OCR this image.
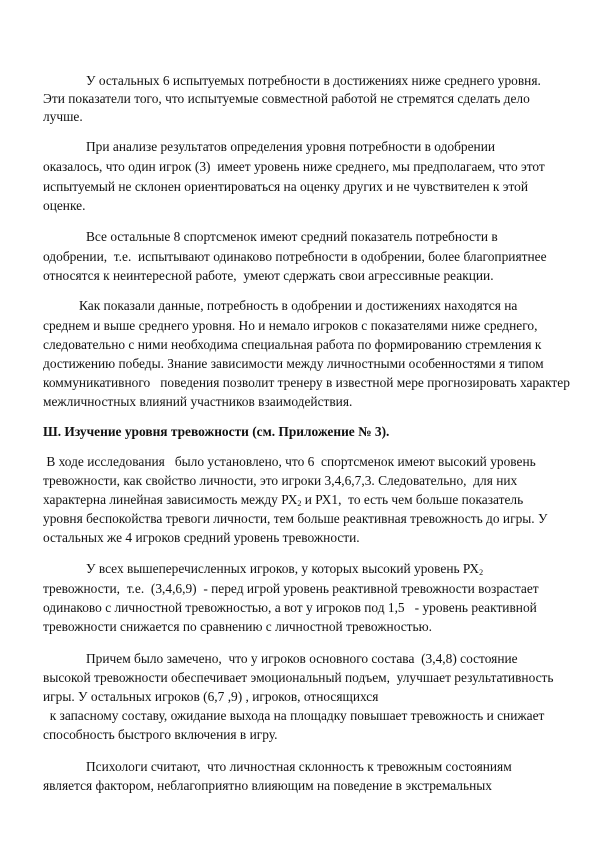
У остальных 6 испытуемых потребности в достижениях ниже среднего уровня.
Эти показатели того, что испытуемые совместной работой не стремятся сделать дело
лучше.
При анализе результатов определения уровня потребности в одобрении
оказалось, что один игрок (3)  имеет уровень ниже среднего, мы предполагаем, что этот
испытуемый не склонен ориентироваться на оценку других и не чувствителен к этой
оценке.
Все остальные 8 спортсменок имеют средний показатель потребности в
одобрении,  т.е.  испытывают одинаково потребности в одобрении, более благоприятнее
относятся к неинтересной работе,  умеют сдержать свои агрессивные реакции.
Как показали данные, потребность в одобрении и достижениях находятся на
среднем и выше среднего уровня. Но и немало игроков с показателями ниже среднего,
следовательно с ними необходима специальная работа по формированию стремления к
достижению победы. Знание зависимости между личностными особенностями я типом
коммуникативного   поведения позволит тренеру в известной мере прогнозировать характер
межличностных влияний участников взаимодействия.
Ш. Изучение уровня тревожности (см. Приложение № 3).
В ходе исследования   было установлено, что 6  спортсменок имеют высокий уровень
тревожности, как свойство личности, это игроки 3,4,6,7,3. Следовательно,  для них
характерна линейная зависимость между $РХ_2$ и РХ1,  то есть чем больше показатель
уровня беспокойства тревоги личности, тем больше реактивная тревожность до игры. У
остальных же 4 игроков средний уровень тревожности.
У всех вышеперечисленных игроков, у которых высокий уровень $РХ_2$
тревожности,  т.е.  (3,4,6,9)  - перед игрой уровень реактивной тревожности возрастает
одинаково с личностной тревожностью, а вот у игроков под 1,5   - уровень реактивной
тревожности снижается по сравнению с личностной тревожностью.
Причем было замечено,  что у игроков основного состава  (3,4,8) состояние
высокой тревожности обеспечивает эмоциональный подъем,  улучшает результативность
игры. У остальных игроков (6,7 ,9) , игроков, относящихся
к запасному составу, ожидание выхода на площадку повышает тревожность и снижает
способность быстрого включения в игру.
Психологи считают,  что личностная склонность к тревожным состояниям
является фактором, неблагоприятно влияющим на поведение в экстремальных
